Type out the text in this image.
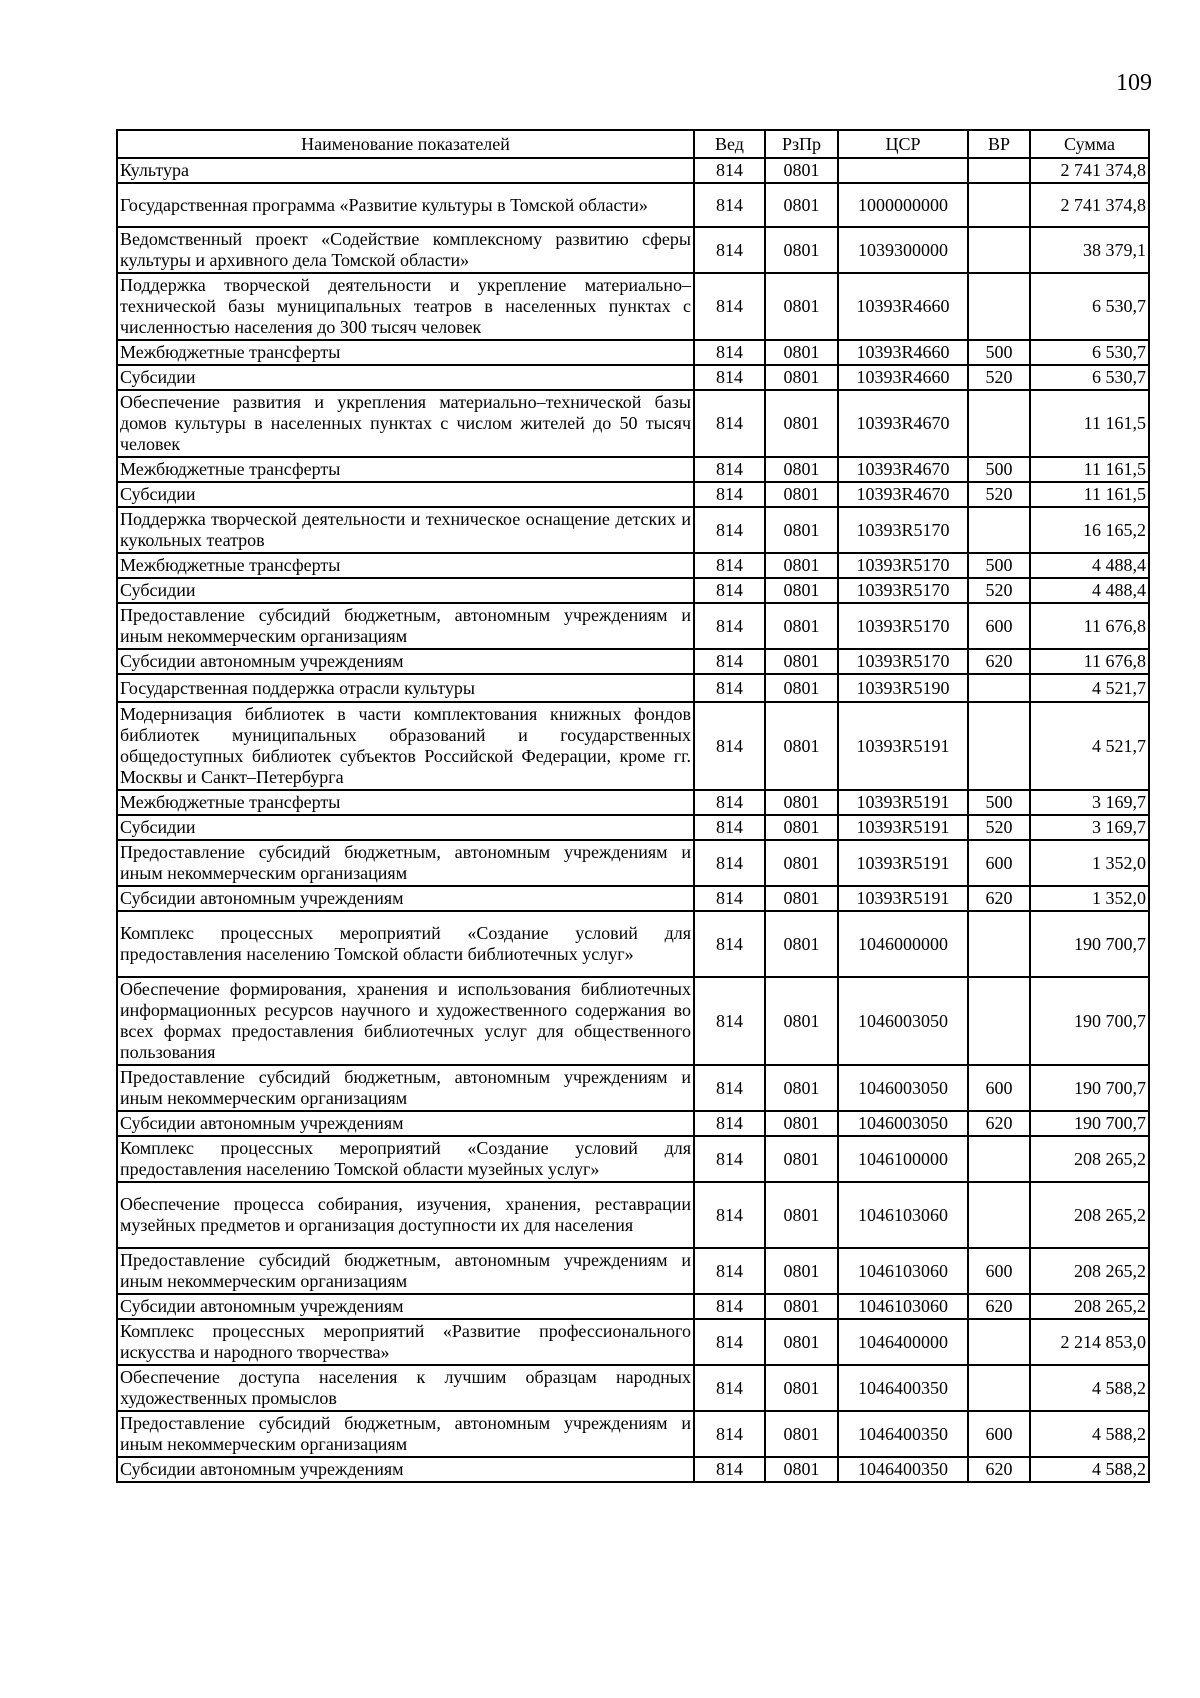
109
Наименование показателей	Вед	РзПр	ЦСР	ВР	Сумма
Культура	814	0801			2 741 374,8
Государственная программа «Развитие культуры в Томской области»	814	0801	1000000000		2 741 374,8
Ведомственный проект «Содействие комплексному развитию сферы культуры и архивного дела Томской области»	814	0801	1039300000		38 379,1
Поддержка творческой деятельности и укрепление материально–технической базы муниципальных театров в населенных пунктах с численностью населения до 300 тысяч человек	814	0801	10393R4660		6 530,7
Межбюджетные трансферты	814	0801	10393R4660	500	6 530,7
Субсидии	814	0801	10393R4660	520	6 530,7
Обеспечение развития и укрепления материально–технической базы домов культуры в населенных пунктах с числом жителей до 50 тысяч человек	814	0801	10393R4670		11 161,5
Межбюджетные трансферты	814	0801	10393R4670	500	11 161,5
Субсидии	814	0801	10393R4670	520	11 161,5
Поддержка творческой деятельности и техническое оснащение детских и кукольных театров	814	0801	10393R5170		16 165,2
Межбюджетные трансферты	814	0801	10393R5170	500	4 488,4
Субсидии	814	0801	10393R5170	520	4 488,4
Предоставление субсидий бюджетным, автономным учреждениям и иным некоммерческим организациям	814	0801	10393R5170	600	11 676,8
Субсидии автономным учреждениям	814	0801	10393R5170	620	11 676,8
Государственная поддержка отрасли культуры	814	0801	10393R5190		4 521,7
Модернизация библиотек в части комплектования книжных фондов библиотек муниципальных образований и государственных общедоступных библиотек субъектов Российской Федерации, кроме гг. Москвы и Санкт–Петербурга	814	0801	10393R5191		4 521,7
Межбюджетные трансферты	814	0801	10393R5191	500	3 169,7
Субсидии	814	0801	10393R5191	520	3 169,7
Предоставление субсидий бюджетным, автономным учреждениям и иным некоммерческим организациям	814	0801	10393R5191	600	1 352,0
Субсидии автономным учреждениям	814	0801	10393R5191	620	1 352,0
Комплекс процессных мероприятий «Создание условий для предоставления населению Томской области библиотечных услуг»	814	0801	1046000000		190 700,7
Обеспечение формирования, хранения и использования библиотечных информационных ресурсов научного и художественного содержания во всех формах предоставления библиотечных услуг для общественного пользования	814	0801	1046003050		190 700,7
Предоставление субсидий бюджетным, автономным учреждениям и иным некоммерческим организациям	814	0801	1046003050	600	190 700,7
Субсидии автономным учреждениям	814	0801	1046003050	620	190 700,7
Комплекс процессных мероприятий «Создание условий для предоставления населению Томской области музейных услуг»	814	0801	1046100000		208 265,2
Обеспечение процесса собирания, изучения, хранения, реставрации музейных предметов и организация доступности их для населения	814	0801	1046103060		208 265,2
Предоставление субсидий бюджетным, автономным учреждениям и иным некоммерческим организациям	814	0801	1046103060	600	208 265,2
Субсидии автономным учреждениям	814	0801	1046103060	620	208 265,2
Комплекс процессных мероприятий «Развитие профессионального искусства и народного творчества»	814	0801	1046400000		2 214 853,0
Обеспечение доступа населения к лучшим образцам народных художественных промыслов	814	0801	1046400350		4 588,2
Предоставление субсидий бюджетным, автономным учреждениям и иным некоммерческим организациям	814	0801	1046400350	600	4 588,2
Субсидии автономным учреждениям	814	0801	1046400350	620	4 588,2
